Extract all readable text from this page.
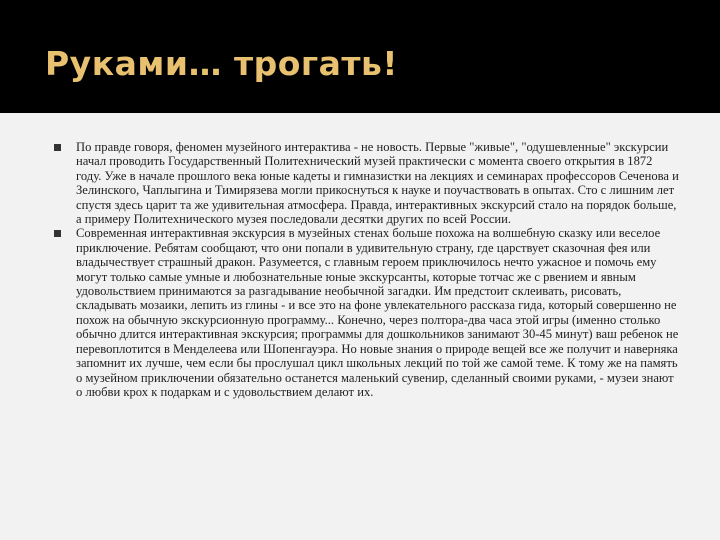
Руками… трогать!
По правде говоря, феномен музейного интерактива - не новость. Первые "живые", "одушевленные" экскурсии начал проводить Государственный Политехнический музей практически с момента своего открытия в 1872 году. Уже в начале прошлого века юные кадеты и гимназистки на лекциях и семинарах профессоров Сеченова и Зелинского, Чаплыгина и Тимирязева могли прикоснуться к науке и поучаствовать в опытах. Сто с лишним лет спустя здесь царит та же удивительная атмосфера. Правда, интерактивных экскурсий стало на порядок больше, а примеру Политехнического музея последовали десятки других по всей России.
Современная интерактивная экскурсия в музейных стенах больше похожа на волшебную сказку или веселое приключение. Ребятам сообщают, что они попали в удивительную страну, где царствует сказочная фея или владычествует страшный дракон. Разумеется, с главным героем приключилось нечто ужасное и помочь ему могут только самые умные и любознательные юные экскурсанты, которые тотчас же с рвением и явным удовольствием принимаются за разгадывание необычной загадки. Им предстоит склеивать, рисовать, складывать мозаики, лепить из глины - и все это на фоне увлекательного рассказа гида, который совершенно не похож на обычную экскурсионную программу... Конечно, через полтора-два часа этой игры (именно столько обычно длится интерактивная экскурсия; программы для дошкольников занимают 30-45 минут) ваш ребенок не перевоплотится в Менделеева или Шопенгауэра. Но новые знания о природе вещей все же получит и наверняка запомнит их лучше, чем если бы прослушал цикл школьных лекций по той же самой теме. К тому же на память о музейном приключении обязательно останется маленький сувенир, сделанный своими руками, - музеи знают о любви крох к подаркам и с удовольствием делают их.
